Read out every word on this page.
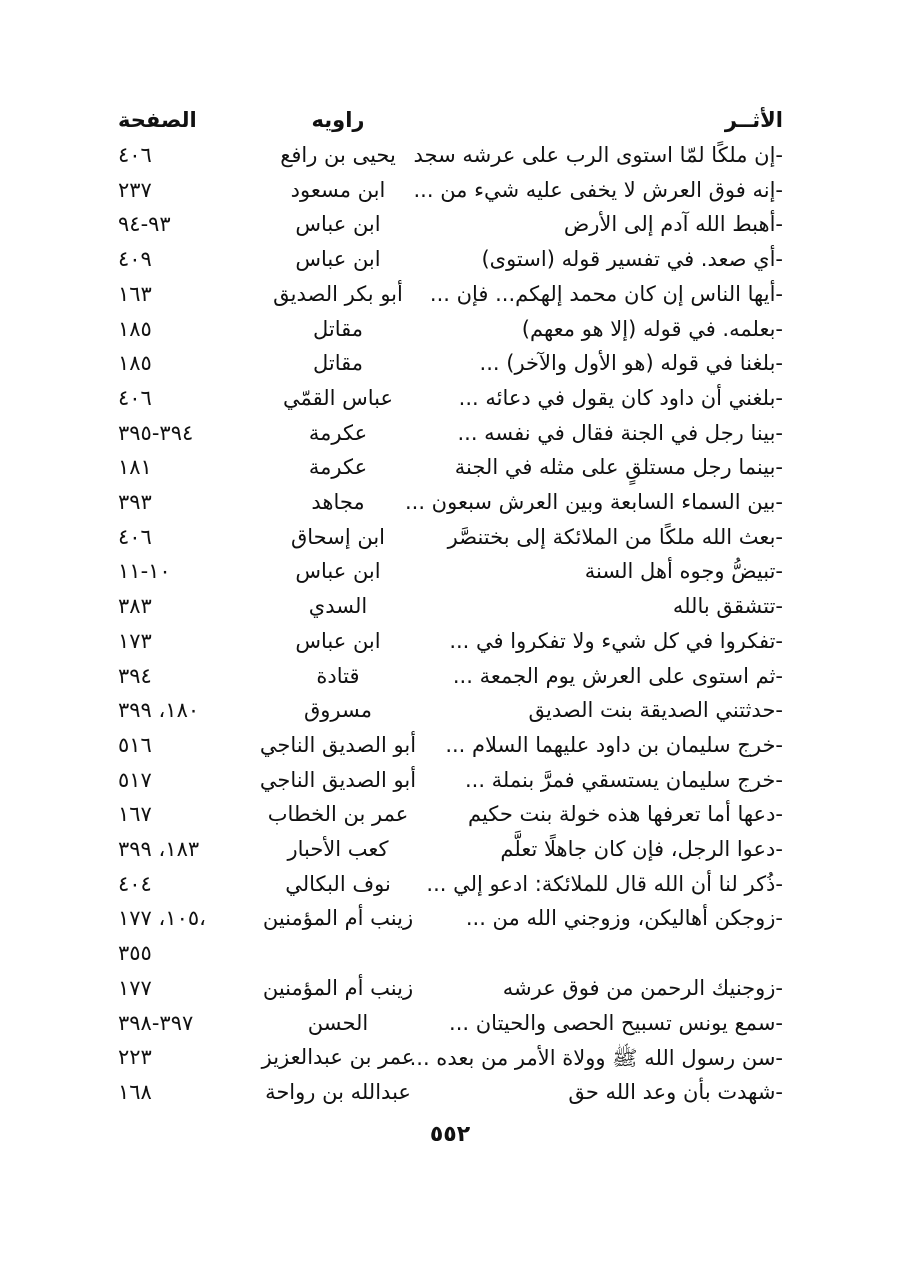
الأثــر
راويه
الصفحة
-إن ملكًا لمّا استوى الرب على عرشه سجد
يحيى بن رافع
٤٠٦
-إنه فوق العرش لا يخفى عليه شيء من ...
ابن مسعود
٢٣٧
-أهبط الله آدم إلى الأرض
ابن عباس
٩٣-٩٤
-أي صعد. في تفسير قوله (استوى)
ابن عباس
٤٠٩
-أيها الناس إن كان محمد إلهكم... فإن ...
أبو بكر الصديق
١٦٣
-بعلمه. في قوله (إلا هو معهم)
مقاتل
١٨٥
-بلغنا في قوله (هو الأول والآخر) ...
مقاتل
١٨٥
-بلغني أن داود كان يقول في دعائه ...
عباس القمّي
٤٠٦
-بينا رجل في الجنة فقال في نفسه ...
عكرمة
٣٩٤-٣٩٥
-بينما رجل مستلقٍ على مثله في الجنة
عكرمة
١٨١
-بين السماء السابعة وبين العرش سبعون ...
مجاهد
٣٩٣
-بعث الله ملكًا من الملائكة إلى بختنصَّر
ابن إسحاق
٤٠٦
-تبيضُّ وجوه أهل السنة
ابن عباس
١٠-١١
-تتشقق بالله
السدي
٣٨٣
-تفكروا في كل شيء ولا تفكروا في ...
ابن عباس
١٧٣
-ثم استوى على العرش يوم الجمعة ...
قتادة
٣٩٤
-حدثتني الصديقة بنت الصديق
مسروق
١٨٠، ٣٩٩
-خرج سليمان بن داود عليهما السلام ...
أبو الصديق الناجي
٥١٦
-خرج سليمان يستسقي فمرَّ بنملة ...
أبو الصديق الناجي
٥١٧
-دعها أما تعرفها هذه خولة بنت حكيم
عمر بن الخطاب
١٦٧
-دعوا الرجل، فإن كان جاهلًا تعلَّم
كعب الأحبار
١٨٣، ٣٩٩
-ذُكر لنا أن الله قال للملائكة: ادعو إلي ...
نوف البكالي
٤٠٤
-زوجكن أهاليكن، وزوجني الله من ...
زينب أم المؤمنين
١٠٥، ١٧٧،
٣٥٥
-زوجنيك الرحمن من فوق عرشه
زينب أم المؤمنين
١٧٧
-سمع يونس تسبيح الحصى والحيتان ...
الحسن
٣٩٧-٣٩٨
-سن رسول الله ﷺ وولاة الأمر من بعده ...
عمر بن عبدالعزيز
٢٢٣
-شهدت بأن وعد الله حق
عبدالله بن رواحة
١٦٨
٥٥٢
